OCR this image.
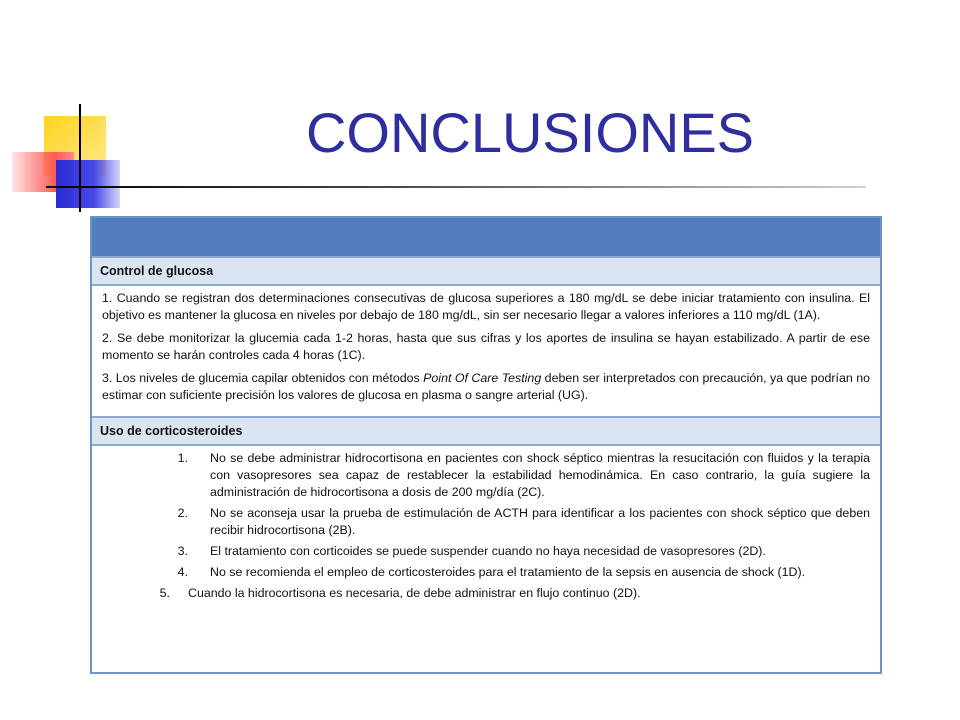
CONCLUSIONES
Control de glucosa

1. Cuando se registran dos determinaciones consecutivas de glucosa superiores a 180 mg/dL se debe iniciar tratamiento con insulina. El objetivo es mantener la glucosa en niveles por debajo de 180 mg/dL, sin ser necesario llegar a valores inferiores a 110 mg/dL (1A).

2. Se debe monitorizar la glucemia cada 1-2 horas, hasta que sus cifras y los aportes de insulina se hayan estabilizado. A partir de ese momento se harán controles cada 4 horas (1C).

3. Los niveles de glucemia capilar obtenidos con métodos Point Of Care Testing deben ser interpretados con precaución, ya que podrían no estimar con suficiente precisión los valores de glucosa en plasma o sangre arterial (UG).

Uso de corticosteroides
1.	No se debe administrar hidrocortisona en pacientes con shock séptico mientras la resucitación con fluidos y la terapia con vasopresores sea capaz de restablecer la estabilidad hemodinámica. En caso contrario, la guía sugiere la administración de hidrocortisona a dosis de 200 mg/día (2C).
2.	No se aconseja usar la prueba de estimulación de ACTH para identificar a los pacientes con shock séptico que deben recibir hidrocortisona (2B).
3.	El tratamiento con corticoides se puede suspender cuando no haya necesidad de vasopresores (2D).
4.	No se recomienda el empleo de corticosteroides para el tratamiento de la sepsis en ausencia de shock (1D).
5.	Cuando la hidrocortisona es necesaria, de debe administrar en flujo continuo (2D).
